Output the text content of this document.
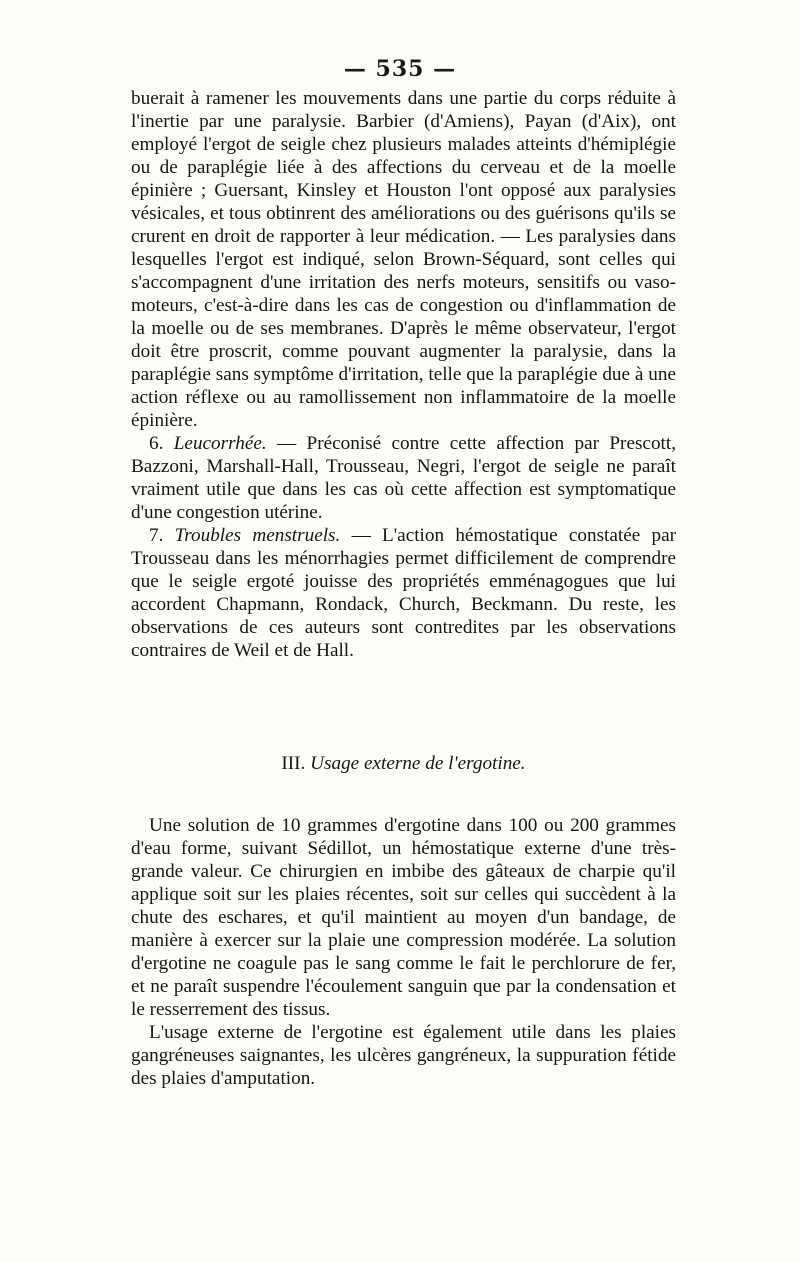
— 535 —

buerait à ramener les mouvements dans une partie du corps réduite à l'inertie par une paralysie. Barbier (d'Amiens), Payan (d'Aix), ont employé l'ergot de seigle chez plusieurs malades atteints d'hémiplégie ou de paraplégie liée à des affections du cerveau et de la moelle épinière ; Guersant, Kinsley et Houston l'ont opposé aux paralysies vésicales, et tous obtinrent des améliorations ou des guérisons qu'ils se crurent en droit de rapporter à leur médication. — Les paralysies dans lesquelles l'ergot est indiqué, selon Brown-Séquard, sont celles qui s'accompagnent d'une irritation des nerfs moteurs, sensitifs ou vaso-moteurs, c'est-à-dire dans les cas de congestion ou d'inflammation de la moelle ou de ses membranes. D'après le même observateur, l'ergot doit être proscrit, comme pouvant augmenter la paralysie, dans la paraplégie sans symptôme d'irritation, telle que la paraplégie due à une action réflexe ou au ramollissement non inflammatoire de la moelle épinière.

6. Leucorrhée. — Préconisé contre cette affection par Prescott, Bazzoni, Marshall-Hall, Trousseau, Negri, l'ergot de seigle ne paraît vraiment utile que dans les cas où cette affection est symptomatique d'une congestion utérine.

7. Troubles menstruels. — L'action hémostatique constatée par Trousseau dans les ménorrhagies permet difficilement de comprendre que le seigle ergoté jouisse des propriétés emménagogues que lui accordent Chapmann, Rondack, Church, Beckmann. Du reste, les observations de ces auteurs sont contredites par les observations contraires de Weil et de Hall.

III. Usage externe de l'ergotine.

Une solution de 10 grammes d'ergotine dans 100 ou 200 grammes d'eau forme, suivant Sédillot, un hémostatique externe d'une très-grande valeur. Ce chirurgien en imbibe des gâteaux de charpie qu'il applique soit sur les plaies récentes, soit sur celles qui succèdent à la chute des eschares, et qu'il maintient au moyen d'un bandage, de manière à exercer sur la plaie une compression modérée. La solution d'ergotine ne coagule pas le sang comme le fait le perchlorure de fer, et ne paraît suspendre l'écoulement sanguin que par la condensation et le resserrement des tissus.

L'usage externe de l'ergotine est également utile dans les plaies gangréneuses saignantes, les ulcères gangréneux, la suppuration fétide des plaies d'amputation.
